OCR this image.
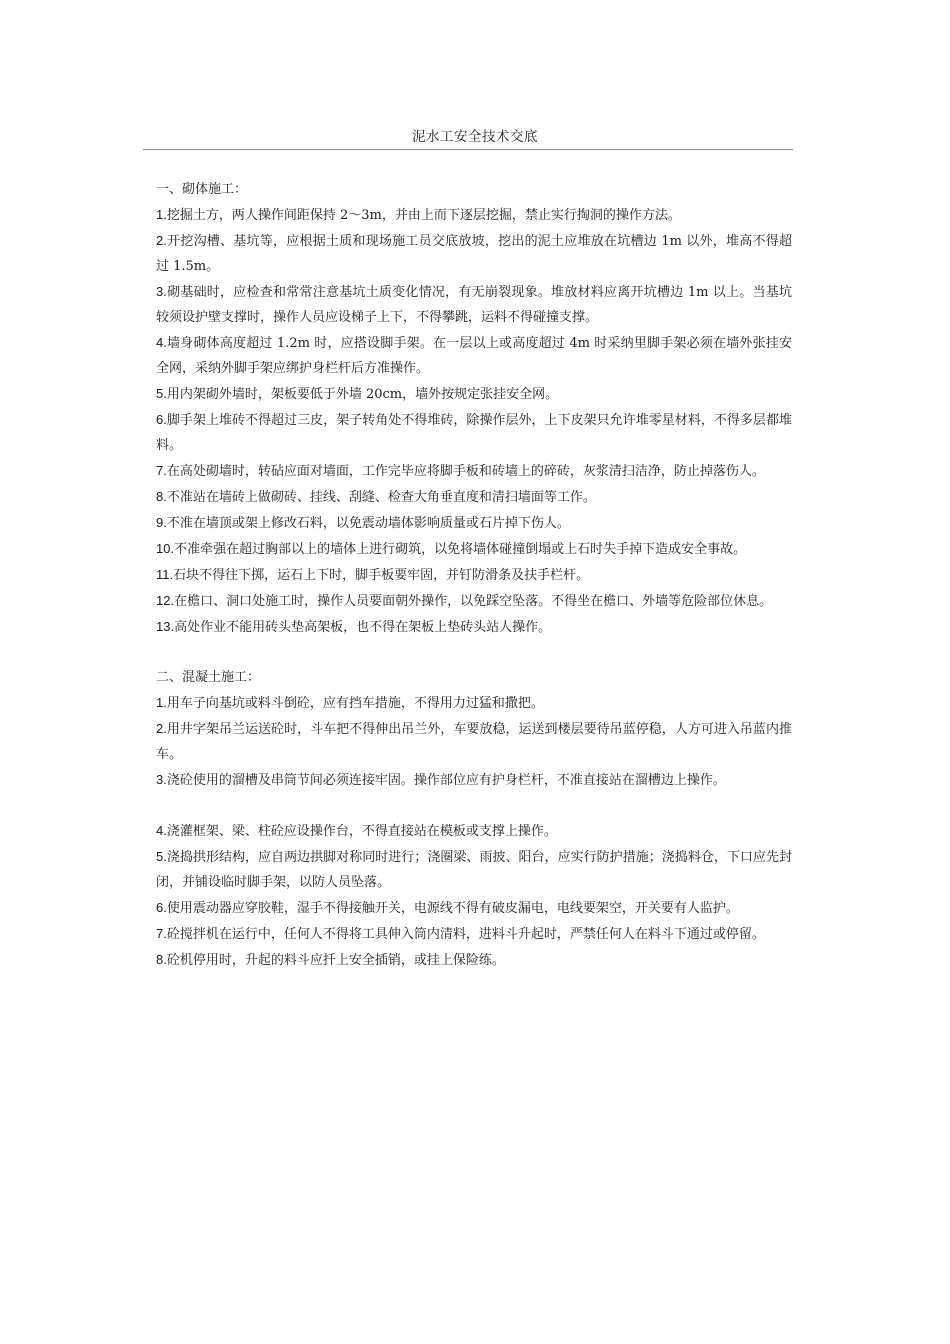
泥水工安全技术交底

一、砌体施工：

1.挖掘土方，两人操作间距保持 2～3m，并由上而下逐层挖掘，禁止实行掏洞的操作方法。

2.开挖沟槽、基坑等，应根据土质和现场施工员交底放坡，挖出的泥土应堆放在坑槽边 1m 以外，堆高不得超过 1.5m。

3.砌基础时，应检查和常常注意基坑土质变化情况，有无崩裂现象。堆放材料应离开坑槽边 1m 以上。当基坑较须设护壁支撑时，操作人员应设梯子上下，不得攀跳，运料不得碰撞支撑。

4.墙身砌体高度超过 1.2m 时，应搭设脚手架。在一层以上或高度超过 4m 时采纳里脚手架必须在墙外张挂安全网，采纳外脚手架应绑护身栏杆后方准操作。

5.用内架砌外墙时，架板要低于外墙 20cm，墙外按规定张挂安全网。

6.脚手架上堆砖不得超过三皮，架子转角处不得堆砖，除操作层外，上下皮架只允许堆零星材料，不得多层都堆料。

7.在高处砌墙时，转砧应面对墙面，工作完毕应将脚手板和砖墙上的碎砖，灰浆清扫洁净，防止掉落伤人。

8.不准站在墙砖上做砌砖、挂线、刮缝、检查大角垂直度和清扫墙面等工作。

9.不准在墙顶或架上修改石料，以免震动墙体影响质量或石片掉下伤人。

10.不准牵强在超过胸部以上的墙体上进行砌筑，以免将墙体碰撞倒塌或上石时失手掉下造成安全事故。

11.石块不得往下掷，运石上下时，脚手板要牢固，并钉防滑条及扶手栏杆。

12.在檐口、洞口处施工时，操作人员要面朝外操作，以免踩空坠落。不得坐在檐口、外墙等危险部位休息。

13.高处作业不能用砖头垫高架板，也不得在架板上垫砖头站人操作。

二、混凝土施工：

1.用车子向基坑或料斗倒砼，应有挡车措施，不得用力过猛和撒把。

2.用井字架吊兰运送砼时，斗车把不得伸出吊兰外，车要放稳，运送到楼层要待吊蓝停稳，人方可进入吊蓝内推车。

3.浇砼使用的溜槽及串筒节间必须连接牢固。操作部位应有护身栏杆，不准直接站在溜槽边上操作。

4.浇灌框架、梁、柱砼应设操作台，不得直接站在模板或支撑上操作。

5.浇捣拱形结构，应自两边拱脚对称同时进行；浇圈梁、雨披、阳台，应实行防护措施；浇捣料仓，下口应先封闭，并铺设临时脚手架，以防人员坠落。

6.使用震动器应穿胶鞋，湿手不得接触开关，电源线不得有破皮漏电，电线要架空，开关要有人监护。

7.砼搅拌机在运行中，任何人不得将工具伸入筒内清料，进料斗升起时，严禁任何人在料斗下通过或停留。

8.砼机停用时，升起的料斗应扦上安全插销，或挂上保险练。
